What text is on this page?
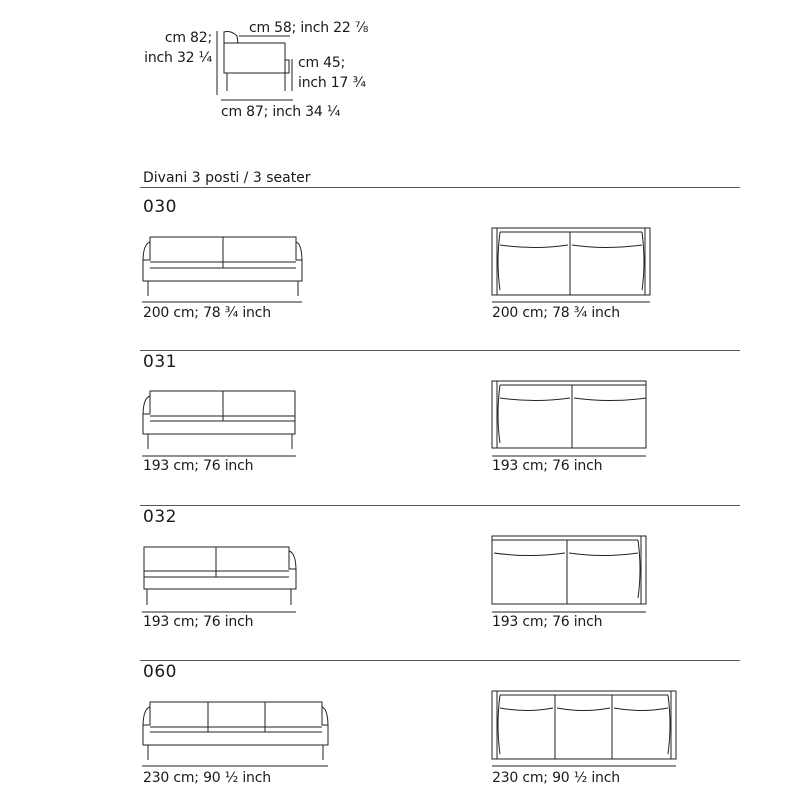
cm 82;
inch 32 ¼
cm 58; inch 22 ⅞
cm 45;
inch 17 ¾
cm 87; inch 34 ¼
Divani 3 posti / 3 seater
030
200 cm; 78 ¾ inch	200 cm; 78 ¾ inch
031
193 cm; 76 inch	193 cm; 76 inch
032
193 cm; 76 inch	193 cm; 76 inch
060
230 cm; 90 ½ inch	230 cm; 90 ½ inch
